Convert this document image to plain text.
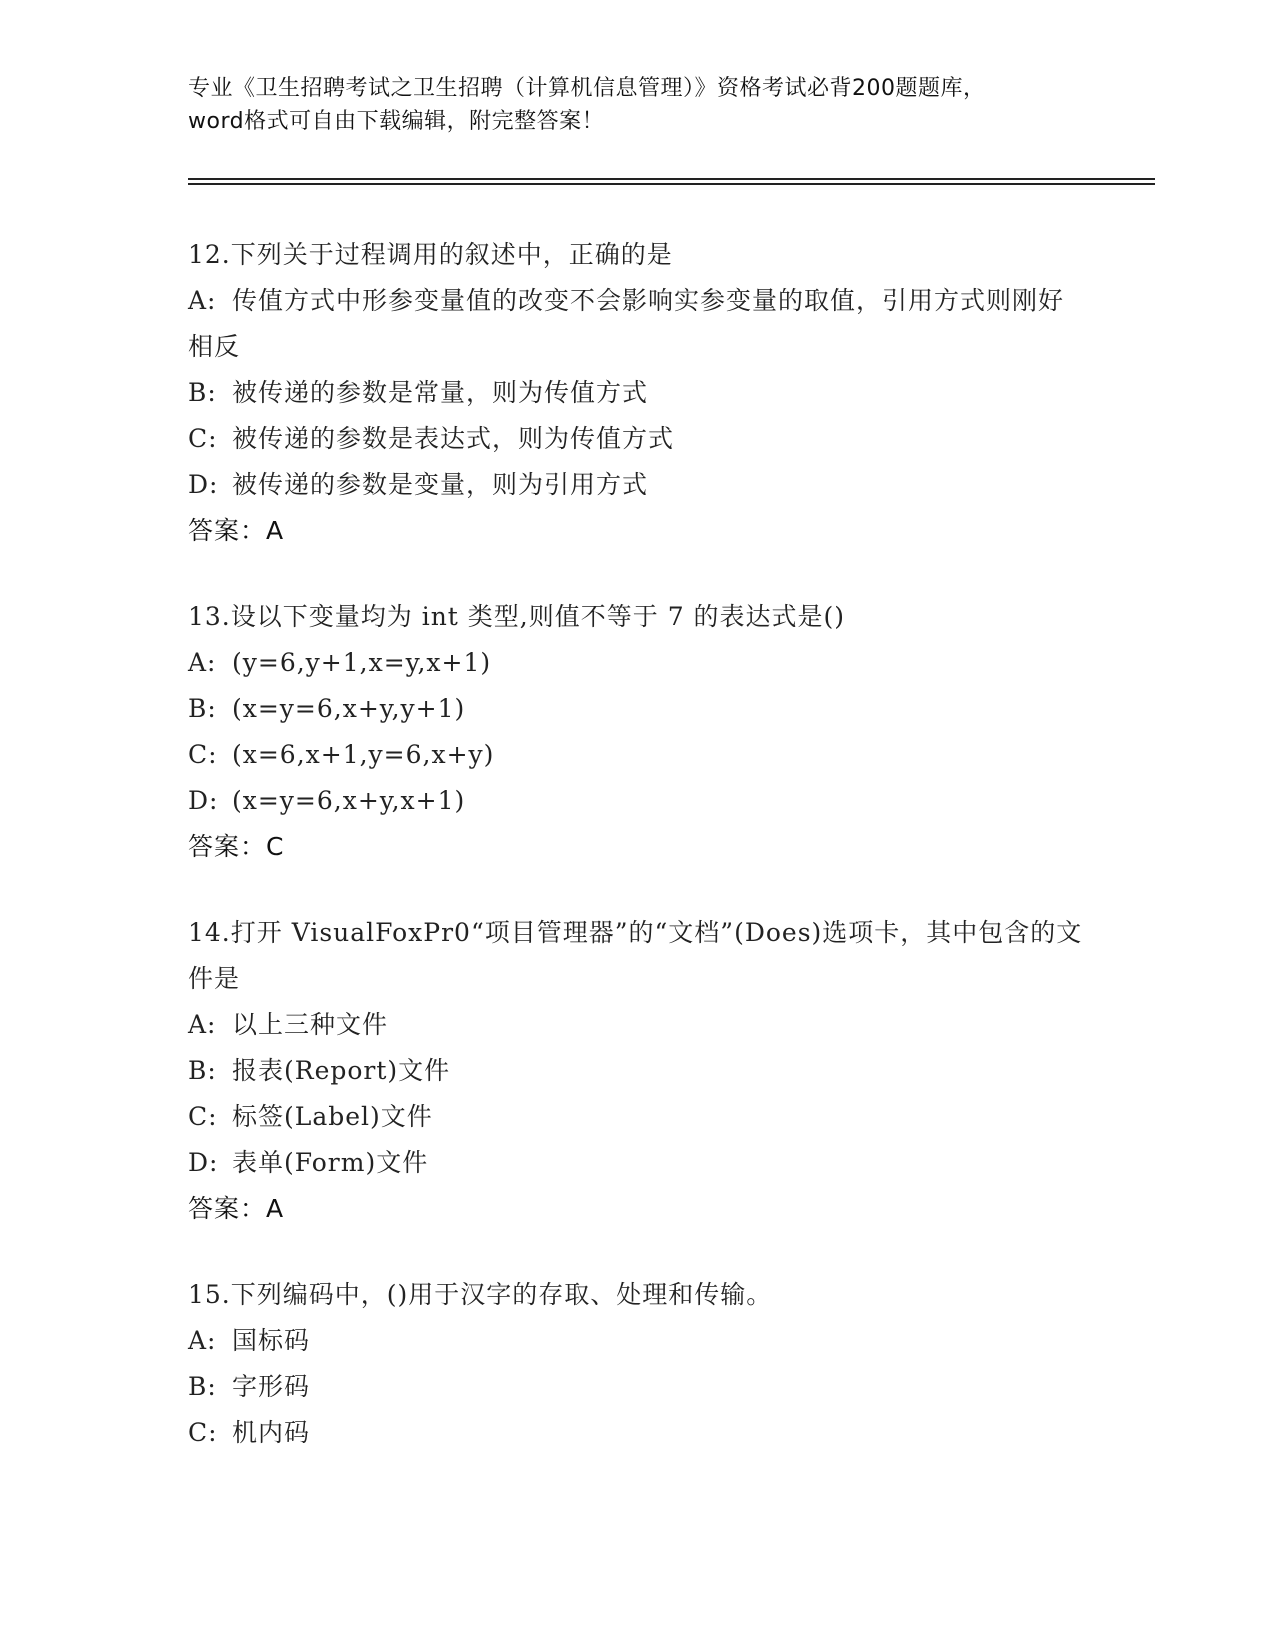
专业《卫生招聘考试之卫生招聘（计算机信息管理）》资格考试必背200题题库，
word格式可自由下载编辑，附完整答案！
12.下列关于过程调用的叙述中，正确的是
A: 传值方式中形参变量值的改变不会影响实参变量的取值，引用方式则刚好相反
B: 被传递的参数是常量，则为传值方式
C: 被传递的参数是表达式，则为传值方式
D: 被传递的参数是变量，则为引用方式
答案：A
13.设以下变量均为 int 类型,则值不等于 7 的表达式是()
A: (y=6,y+1,x=y,x+1)
B: (x=y=6,x+y,y+1)
C: (x=6,x+1,y=6,x+y)
D: (x=y=6,x+y,x+1)
答案：C
14.打开 VisualFoxPr0“项目管理器”的“文档”(Does)选项卡，其中包含的文件是
A: 以上三种文件
B: 报表(Report)文件
C: 标签(Label)文件
D: 表单(Form)文件
答案：A
15.下列编码中，()用于汉字的存取、处理和传输。
A: 国标码
B: 字形码
C: 机内码
